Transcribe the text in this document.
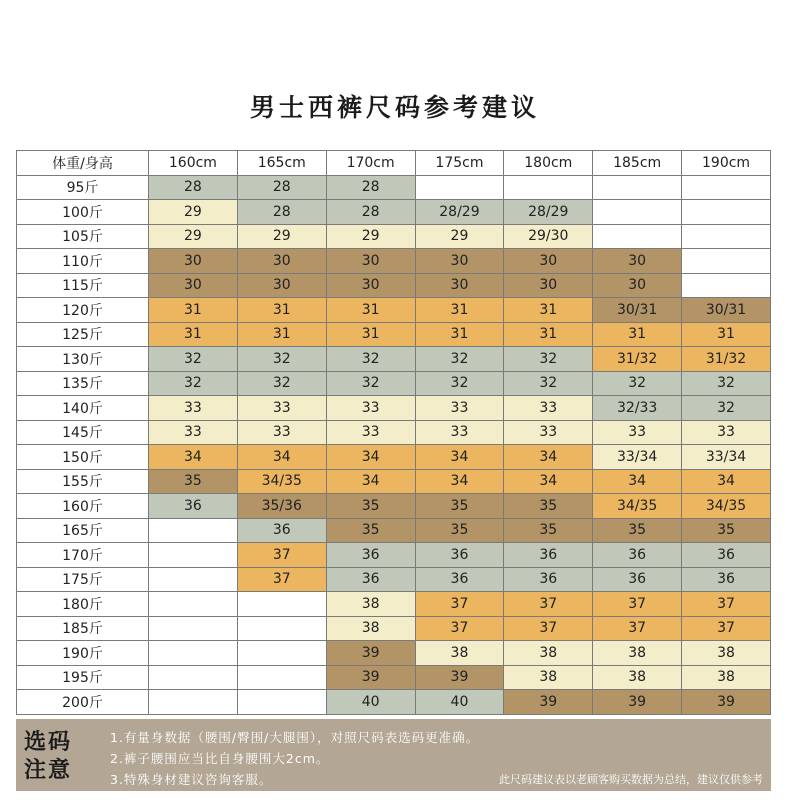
男士西裤尺码参考建议
体重/身高	160cm	165cm	170cm	175cm	180cm	185cm	190cm
95斤	28	28	28				
100斤	29	28	28	28/29	28/29		
105斤	29	29	29	29	29/30		
110斤	30	30	30	30	30	30	
115斤	30	30	30	30	30	30	
120斤	31	31	31	31	31	30/31	30/31
125斤	31	31	31	31	31	31	31
130斤	32	32	32	32	32	31/32	31/32
135斤	32	32	32	32	32	32	32
140斤	33	33	33	33	33	32/33	32
145斤	33	33	33	33	33	33	33
150斤	34	34	34	34	34	33/34	33/34
155斤	35	34/35	34	34	34	34	34
160斤	36	35/36	35	35	35	34/35	34/35
165斤		36	35	35	35	35	35
170斤		37	36	36	36	36	36
175斤		37	36	36	36	36	36
180斤			38	37	37	37	37
185斤			38	37	37	37	37
190斤			39	38	38	38	38
195斤			39	39	38	38	38
200斤			40	40	39	39	39
选码注意
1.有量身数据（腰围/臀围/大腿围），对照尺码表选码更准确。
2.裤子腰围应当比自身腰围大2cm。
3.特殊身材建议咨询客服。	此尺码建议表以老顾客购买数据为总结，建议仅供参考
